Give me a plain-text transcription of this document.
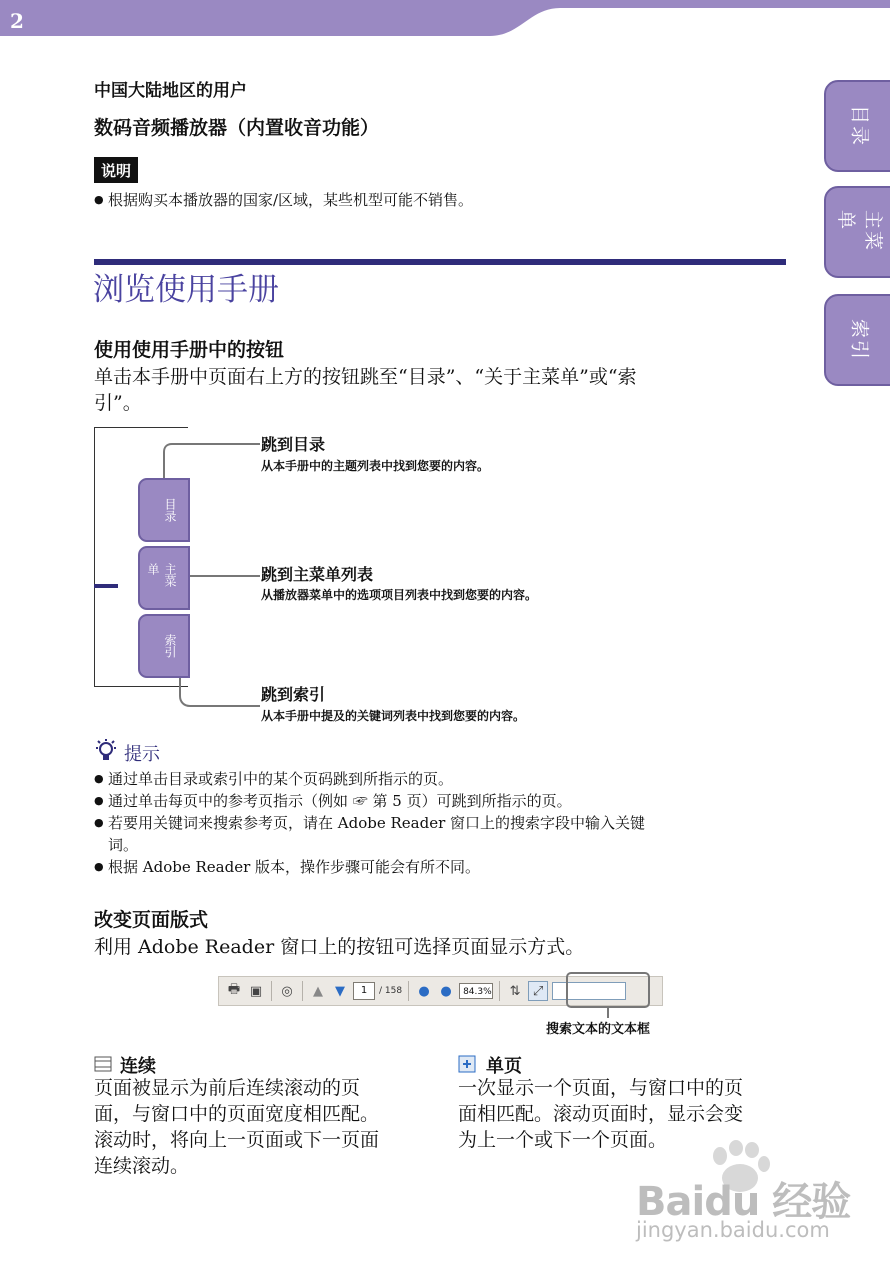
2
目录
主菜单
索引
中国大陆地区的用户
数码音频播放器（内置收音功能）
说明
● 根据购买本播放器的国家/区域，某些机型可能不销售。
浏览使用手册
使用使用手册中的按钮
单击本手册中页面右上方的按钮跳至“目录”、“关于主菜单”或“索
引”。
目录
主菜单
索引
跳到目录
从本手册中的主题列表中找到您要的内容。
跳到主菜单列表
从播放器菜单中的选项项目列表中找到您要的内容。
跳到索引
从本手册中提及的关键词列表中找到您要的内容。
提示
● 通过单击目录或索引中的某个页码跳到所指示的页。
● 通过单击每页中的参考页指示（例如 ☞ 第 5 页）可跳到所指示的页。
● 若要用关键词来搜索参考页，请在 Adobe Reader 窗口上的搜索字段中输入关键
词。
● 根据 Adobe Reader 版本，操作步骤可能会有所不同。
改变页面版式
利用 Adobe Reader 窗口上的按钮可选择页面显示方式。
🖶 ▣ ◎	▲ ▼	1	/ 158 ● ●	84.3% ⇅ ⤢
搜索文本的文本框
连续
页面被显示为前后连续滚动的页
面，与窗口中的页面宽度相匹配。
滚动时，将向上一页面或下一页面
连续滚动。
单页
一次显示一个页面，与窗口中的页
面相匹配。滚动页面时，显示会变
为上一个或下一个页面。
Baidu 经验
jingyan.baidu.com
